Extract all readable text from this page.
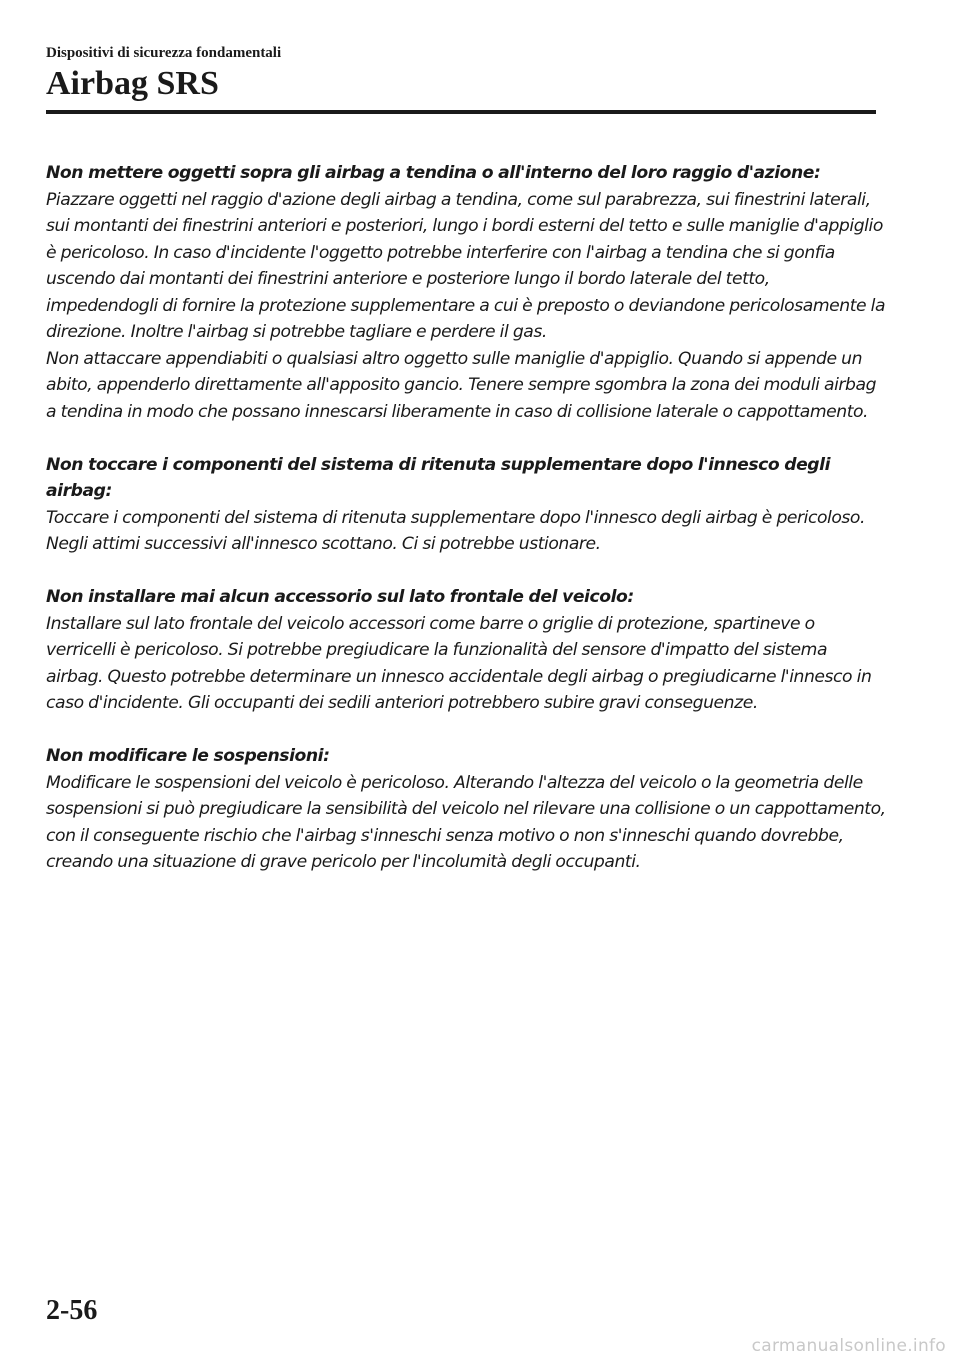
Dispositivi di sicurezza fondamentali

Airbag SRS

Non mettere oggetti sopra gli airbag a tendina o all'interno del loro raggio d'azione:

Piazzare oggetti nel raggio d'azione degli airbag a tendina, come sul parabrezza, sui finestrini laterali, sui montanti dei finestrini anteriori e posteriori, lungo i bordi esterni del tetto e sulle maniglie d'appiglio è pericoloso. In caso d'incidente l'oggetto potrebbe interferire con l'airbag a tendina che si gonfia uscendo dai montanti dei finestrini anteriore e posteriore lungo il bordo laterale del tetto, impedendogli di fornire la protezione supplementare a cui è preposto o deviandone pericolosamente la direzione. Inoltre l'airbag si potrebbe tagliare e perdere il gas.

Non attaccare appendiabiti o qualsiasi altro oggetto sulle maniglie d'appiglio. Quando si appende un abito, appenderlo direttamente all'apposito gancio. Tenere sempre sgombra la zona dei moduli airbag a tendina in modo che possano innescarsi liberamente in caso di collisione laterale o cappottamento.

Non toccare i componenti del sistema di ritenuta supplementare dopo l'innesco degli airbag:

Toccare i componenti del sistema di ritenuta supplementare dopo l'innesco degli airbag è pericoloso. Negli attimi successivi all'innesco scottano. Ci si potrebbe ustionare.

Non installare mai alcun accessorio sul lato frontale del veicolo:

Installare sul lato frontale del veicolo accessori come barre o griglie di protezione, spartineve o verricelli è pericoloso. Si potrebbe pregiudicare la funzionalità del sensore d'impatto del sistema airbag. Questo potrebbe determinare un innesco accidentale degli airbag o pregiudicarne l'innesco in caso d'incidente. Gli occupanti dei sedili anteriori potrebbero subire gravi conseguenze.

Non modificare le sospensioni:

Modificare le sospensioni del veicolo è pericoloso. Alterando l'altezza del veicolo o la geometria delle sospensioni si può pregiudicare la sensibilità del veicolo nel rilevare una collisione o un cappottamento, con il conseguente rischio che l'airbag s'inneschi senza motivo o non s'inneschi quando dovrebbe, creando una situazione di grave pericolo per l'incolumità degli occupanti.

2-56
carmanualsonline.info
